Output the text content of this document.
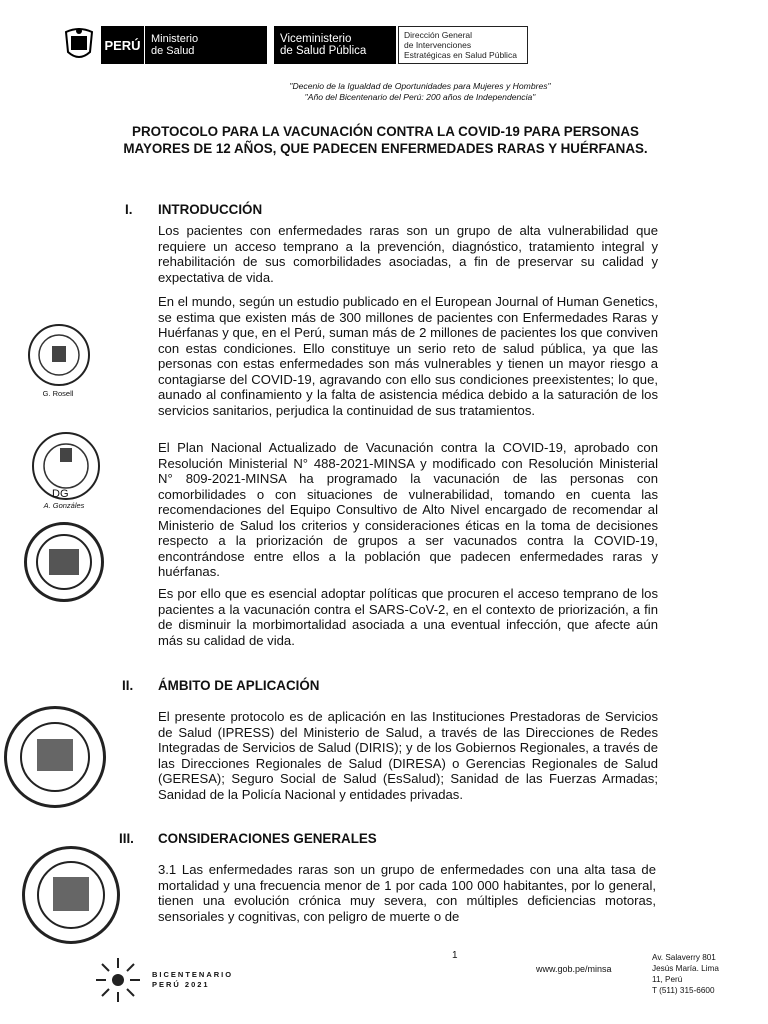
PERÚ Ministerio
de Salud
Viceministerio
de Salud Pública
Dirección General
de Intervenciones
Estratégicas en Salud Pública
"Decenio de la Igualdad de Oportunidades para Mujeres y Hombres"
"Año del Bicentenario del Perú: 200 años de Independencia"
PROTOCOLO PARA LA VACUNACIÓN CONTRA LA COVID-19 PARA PERSONAS MAYORES DE 12 AÑOS, QUE PADECEN ENFERMEDADES RARAS Y HUÉRFANAS.
I. INTRODUCCIÓN
Los pacientes con enfermedades raras son un grupo de alta vulnerabilidad que requiere un acceso temprano a la prevención, diagnóstico, tratamiento integral y rehabilitación de sus comorbilidades asociadas, a fin de preservar su calidad y expectativa de vida.
En el mundo, según un estudio publicado en el European Journal of Human Genetics, se estima que existen más de 300 millones de pacientes con Enfermedades Raras y Huérfanas y que, en el Perú, suman más de 2 millones de pacientes los que conviven con estas condiciones. Ello constituye un serio reto de salud pública, ya que las personas con estas enfermedades son más vulnerables y tienen un mayor riesgo a contagiarse del COVID-19, agravando con ello sus condiciones preexistentes; lo que, aunado al confinamiento y la falta de asistencia médica debido a la saturación de los servicios sanitarios, perjudica la continuidad de sus tratamientos.
El Plan Nacional Actualizado de Vacunación contra la COVID-19, aprobado con Resolución Ministerial N° 488-2021-MINSA y modificado con Resolución Ministerial N° 809-2021-MINSA ha programado la vacunación de las personas con comorbilidades o con situaciones de vulnerabilidad, tomando en cuenta las recomendaciones del Equipo Consultivo de Alto Nivel encargado de recomendar al Ministerio de Salud los criterios y consideraciones éticas en la toma de decisiones respecto a la priorización de grupos a ser vacunados contra la COVID-19, encontrándose entre ellos a la población que padecen enfermedades raras y huérfanas.
Es por ello que es esencial adoptar políticas que procuren el acceso temprano de los pacientes a la vacunación contra el SARS-CoV-2, en el contexto de priorización, a fin de disminuir la morbimortalidad asociada a una eventual infección, que afecte aún más su calidad de vida.
II. ÁMBITO DE APLICACIÓN
El presente protocolo es de aplicación en las Instituciones Prestadoras de Servicios de Salud (IPRESS) del Ministerio de Salud, a través de las Direcciones de Redes Integradas de Servicios de Salud (DIRIS); y de los Gobiernos Regionales, a través de las Direcciones Regionales de Salud (DIRESA) o Gerencias Regionales de Salud (GERESA); Seguro Social de Salud (EsSalud); Sanidad de las Fuerzas Armadas; Sanidad de la Policía Nacional y entidades privadas.
III. CONSIDERACIONES GENERALES
3.1 Las enfermedades raras son un grupo de enfermedades con una alta tasa de mortalidad y una frecuencia menor de 1 por cada 100 000 habitantes, por lo general, tienen una evolución crónica muy severa, con múltiples deficiencias motoras, sensoriales y cognitivas, con peligro de muerte o de
G. Rosell
DG
A. Gonzáles
BICENTENARIO
PERÚ 2021
1
www.gob.pe/minsa
Av. Salaverry 801
Jesús María. Lima
11, Perú
T (511) 315-6600
